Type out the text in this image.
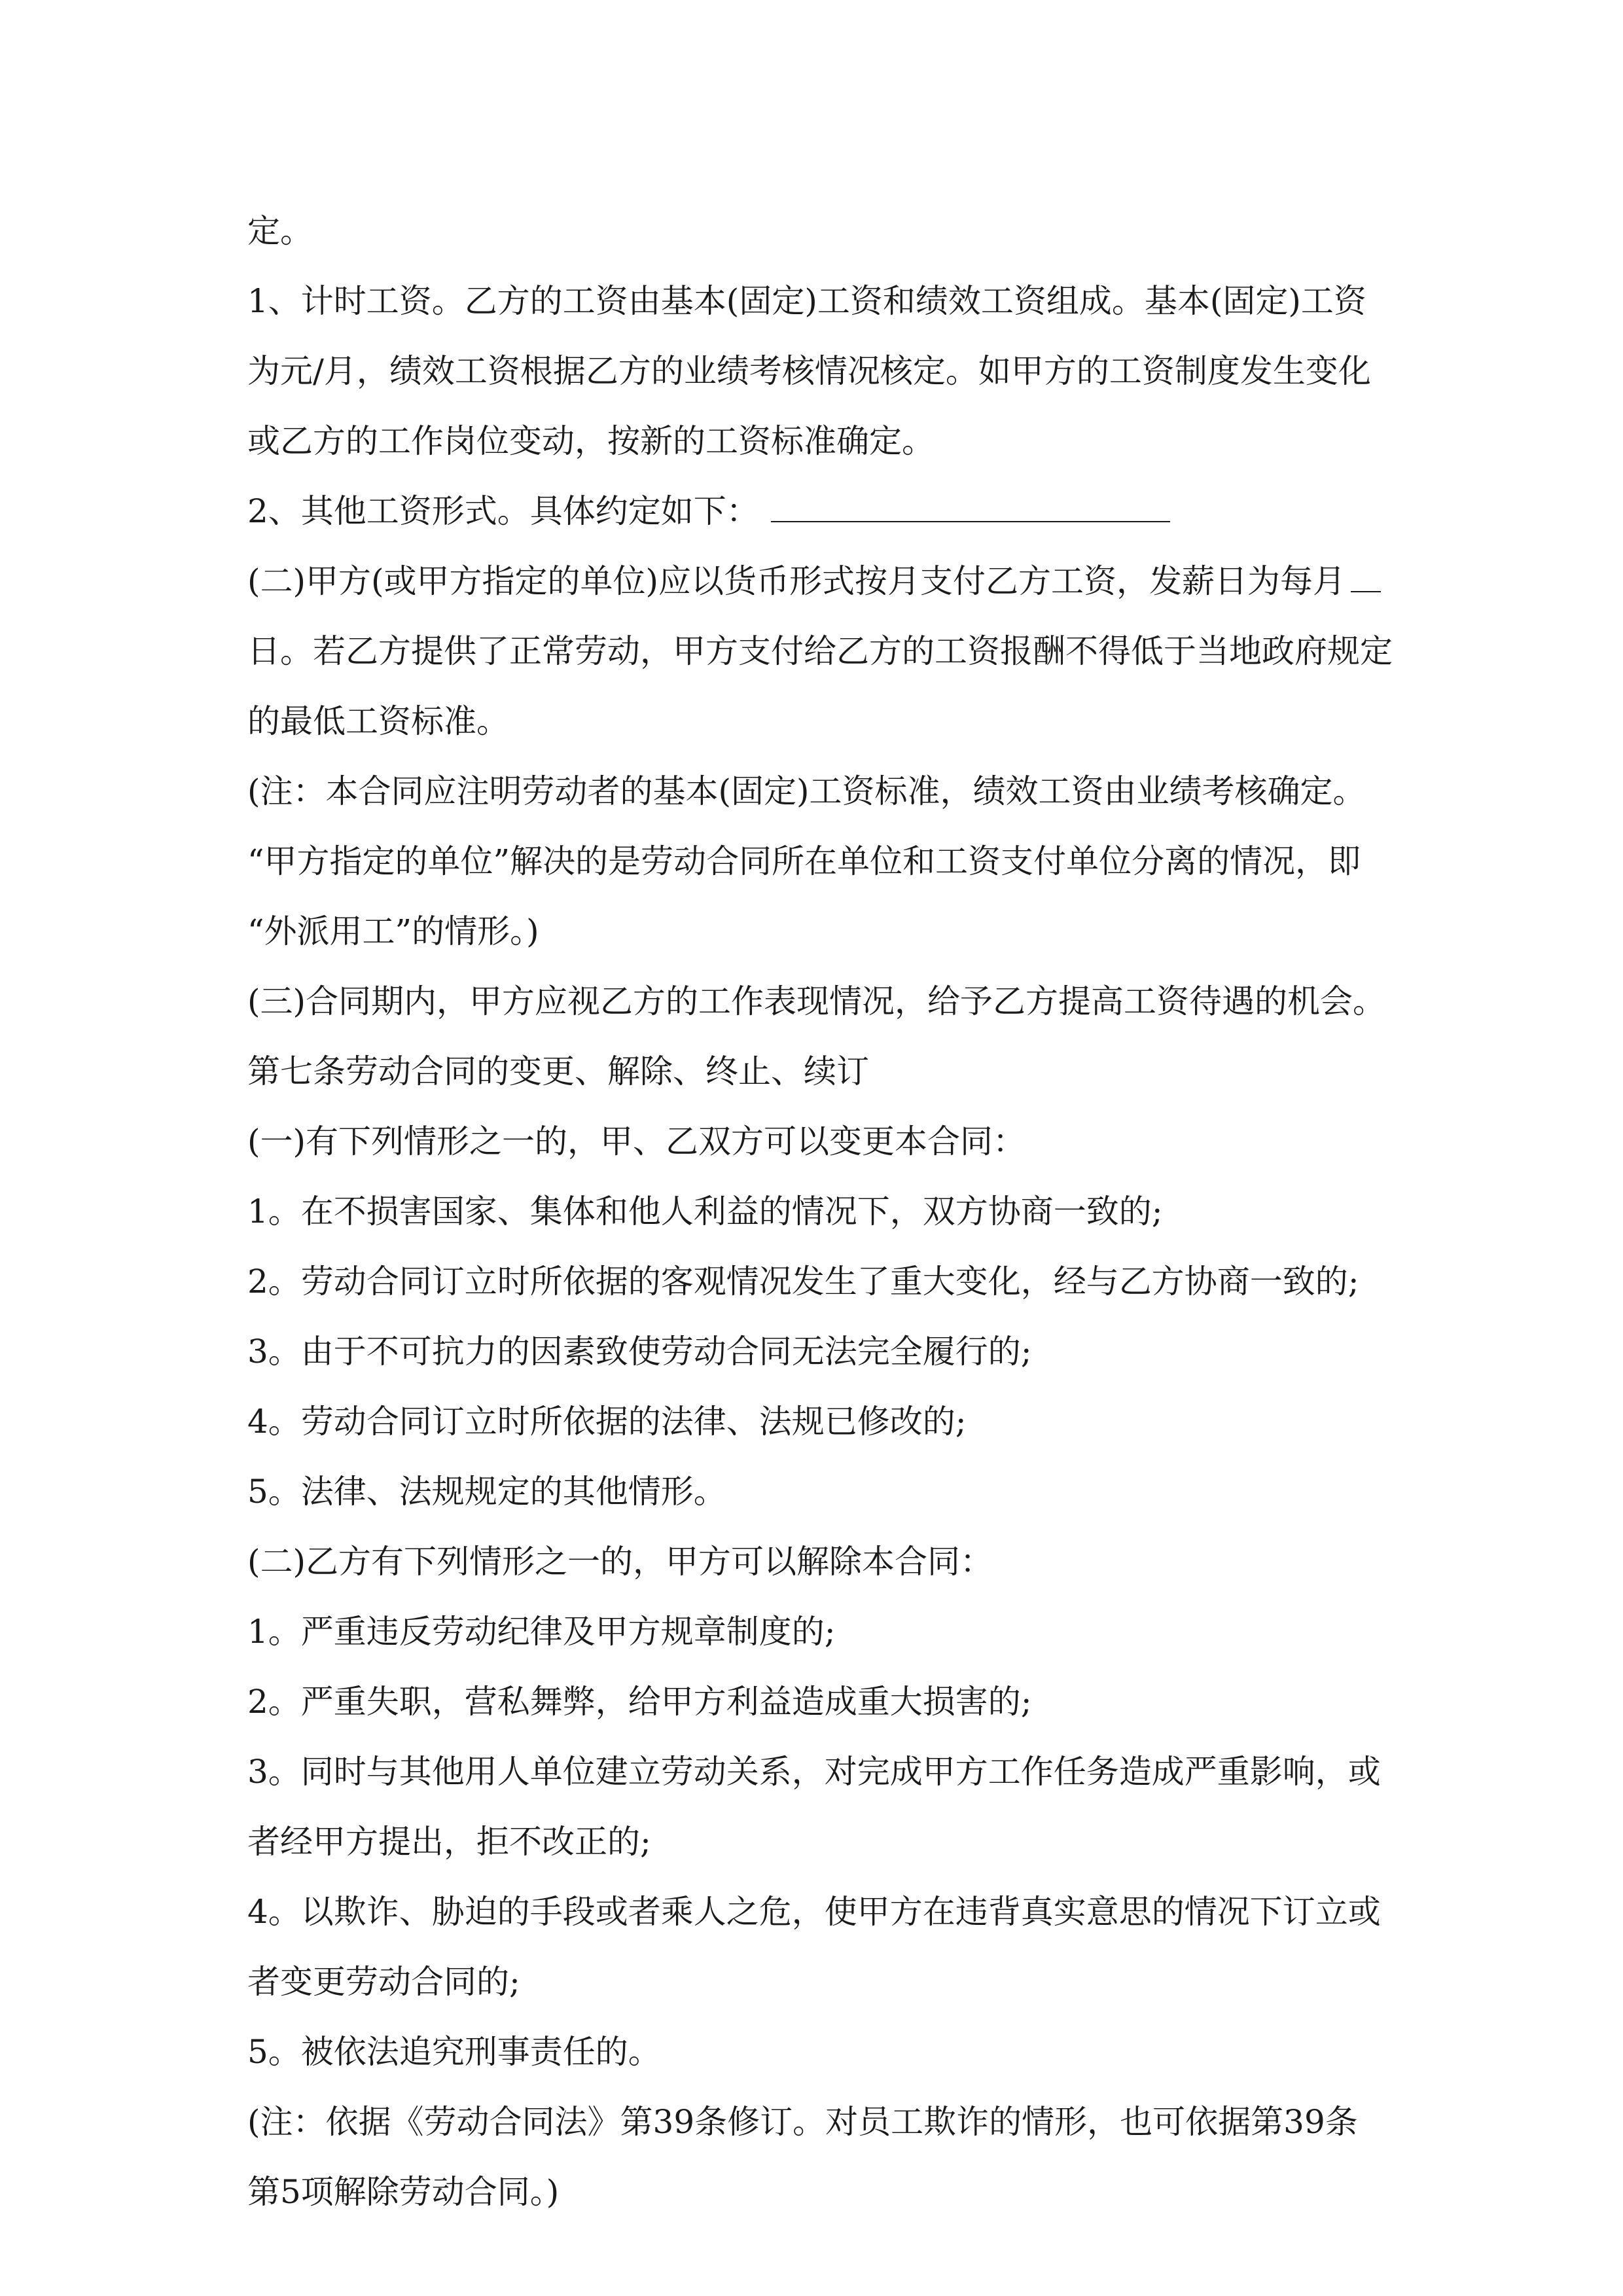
定。
1、计时工资。乙方的工资由基本(固定)工资和绩效工资组成。基本(固定)工资
为元/月，绩效工资根据乙方的业绩考核情况核定。如甲方的工资制度发生变化
或乙方的工作岗位变动，按新的工资标准确定。
2、其他工资形式。具体约定如下：
(二)甲方(或甲方指定的单位)应以货币形式按月支付乙方工资，发薪日为每月
日。若乙方提供了正常劳动，甲方支付给乙方的工资报酬不得低于当地政府规定
的最低工资标准。
(注：本合同应注明劳动者的基本(固定)工资标准，绩效工资由业绩考核确定。
“甲方指定的单位”解决的是劳动合同所在单位和工资支付单位分离的情况，即
“外派用工”的情形。)
(三)合同期内，甲方应视乙方的工作表现情况，给予乙方提高工资待遇的机会。
第七条劳动合同的变更、解除、终止、续订
(一)有下列情形之一的，甲、乙双方可以变更本合同：
1。在不损害国家、集体和他人利益的情况下，双方协商一致的;
2。劳动合同订立时所依据的客观情况发生了重大变化，经与乙方协商一致的;
3。由于不可抗力的因素致使劳动合同无法完全履行的;
4。劳动合同订立时所依据的法律、法规已修改的;
5。法律、法规规定的其他情形。
(二)乙方有下列情形之一的，甲方可以解除本合同：
1。严重违反劳动纪律及甲方规章制度的;
2。严重失职，营私舞弊，给甲方利益造成重大损害的;
3。同时与其他用人单位建立劳动关系，对完成甲方工作任务造成严重影响，或
者经甲方提出，拒不改正的;
4。以欺诈、胁迫的手段或者乘人之危，使甲方在违背真实意思的情况下订立或
者变更劳动合同的;
5。被依法追究刑事责任的。
(注：依据《劳动合同法》第39条修订。对员工欺诈的情形，也可依据第39条
第5项解除劳动合同。)
